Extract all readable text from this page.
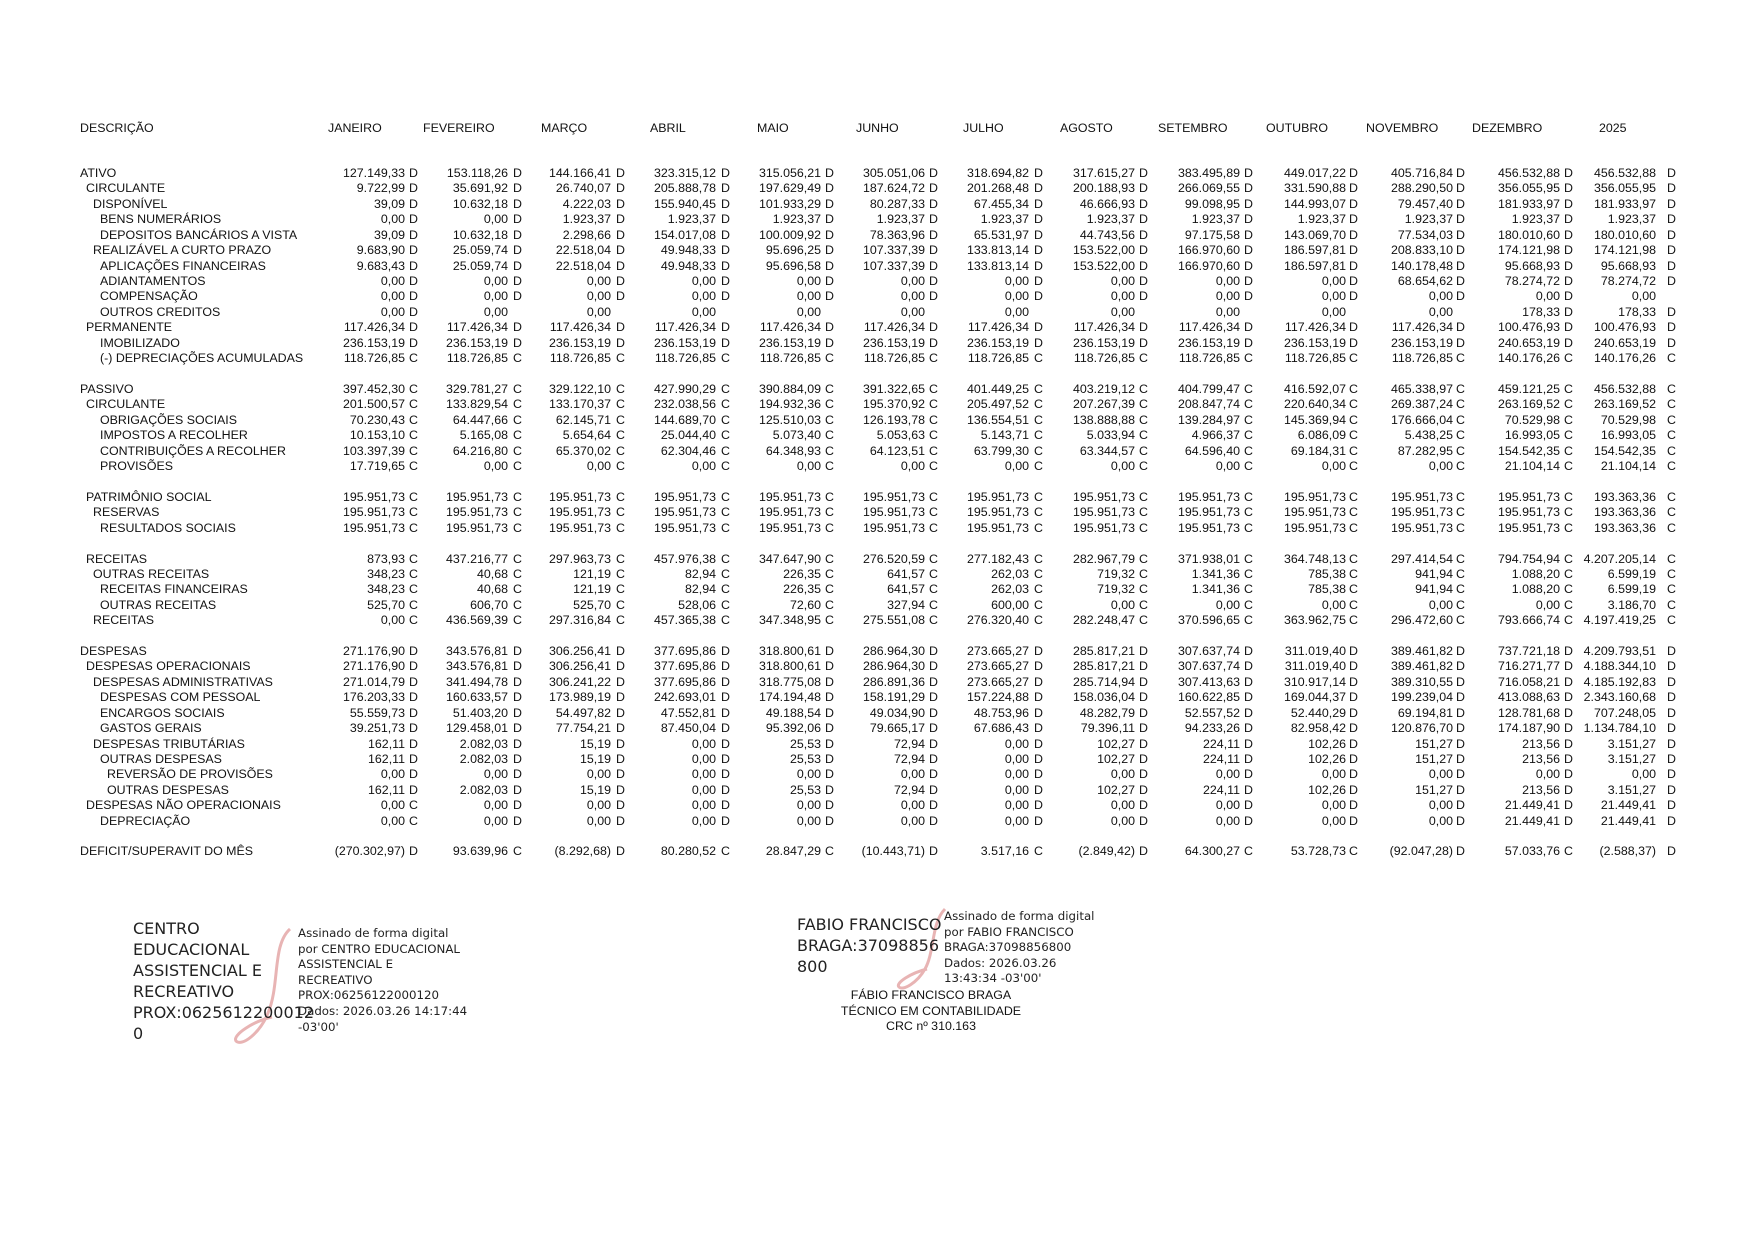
DESCRIÇÃO	JANEIRO	FEVEREIRO	MARÇO	ABRIL	MAIO	JUNHO	JULHO	AGOSTO	SETEMBRO	OUTUBRO	NOVEMBRO	DEZEMBRO	2025
ATIVO	127.149,33 D	153.118,26 D	144.166,41 D	323.315,12 D	315.056,21 D	305.051,06 D	318.694,82 D	317.615,27 D	383.495,89 D	449.017,22 D	405.716,84 D	456.532,88 D	456.532,88 D
CIRCULANTE	9.722,99 D	35.691,92 D	26.740,07 D	205.888,78 D	197.629,49 D	187.624,72 D	201.268,48 D	200.188,93 D	266.069,55 D	331.590,88 D	288.290,50 D	356.055,95 D	356.055,95 D
DISPONÍVEL	39,09 D	10.632,18 D	4.222,03 D	155.940,45 D	101.933,29 D	80.287,33 D	67.455,34 D	46.666,93 D	99.098,95 D	144.993,07 D	79.457,40 D	181.933,97 D	181.933,97 D
BENS NUMERÁRIOS	0,00 D	0,00 D	1.923,37 D	1.923,37 D	1.923,37 D	1.923,37 D	1.923,37 D	1.923,37 D	1.923,37 D	1.923,37 D	1.923,37 D	1.923,37 D	1.923,37 D
DEPOSITOS BANCÁRIOS A VISTA	39,09 D	10.632,18 D	2.298,66 D	154.017,08 D	100.009,92 D	78.363,96 D	65.531,97 D	44.743,56 D	97.175,58 D	143.069,70 D	77.534,03 D	180.010,60 D	180.010,60 D
REALIZÁVEL A CURTO PRAZO	9.683,90 D	25.059,74 D	22.518,04 D	49.948,33 D	95.696,25 D	107.337,39 D	133.813,14 D	153.522,00 D	166.970,60 D	186.597,81 D	208.833,10 D	174.121,98 D	174.121,98 D
APLICAÇÕES FINANCEIRAS	9.683,43 D	25.059,74 D	22.518,04 D	49.948,33 D	95.696,58 D	107.337,39 D	133.813,14 D	153.522,00 D	166.970,60 D	186.597,81 D	140.178,48 D	95.668,93 D	95.668,93 D
ADIANTAMENTOS	0,00 D	0,00 D	0,00 D	0,00 D	0,00 D	0,00 D	0,00 D	0,00 D	0,00 D	0,00 D	68.654,62 D	78.274,72 D	78.274,72 D
COMPENSAÇÃO	0,00 D	0,00 D	0,00 D	0,00 D	0,00 D	0,00 D	0,00 D	0,00 D	0,00 D	0,00 D	0,00 D	0,00 D	0,00
OUTROS CREDITOS	0,00 D	0,00	0,00	0,00	0,00	0,00	0,00	0,00	0,00	0,00	0,00	178,33 D	178,33 D
PERMANENTE	117.426,34 D	117.426,34 D	117.426,34 D	117.426,34 D	117.426,34 D	117.426,34 D	117.426,34 D	117.426,34 D	117.426,34 D	117.426,34 D	117.426,34 D	100.476,93 D	100.476,93 D
IMOBILIZADO	236.153,19 D	236.153,19 D	236.153,19 D	236.153,19 D	236.153,19 D	236.153,19 D	236.153,19 D	236.153,19 D	236.153,19 D	236.153,19 D	236.153,19 D	240.653,19 D	240.653,19 D
(-) DEPRECIAÇÕES ACUMULADAS	118.726,85 C	118.726,85 C	118.726,85 C	118.726,85 C	118.726,85 C	118.726,85 C	118.726,85 C	118.726,85 C	118.726,85 C	118.726,85 C	118.726,85 C	140.176,26 C	140.176,26 C
PASSIVO	397.452,30 C	329.781,27 C	329.122,10 C	427.990,29 C	390.884,09 C	391.322,65 C	401.449,25 C	403.219,12 C	404.799,47 C	416.592,07 C	465.338,97 C	459.121,25 C	456.532,88 C
CIRCULANTE	201.500,57 C	133.829,54 C	133.170,37 C	232.038,56 C	194.932,36 C	195.370,92 C	205.497,52 C	207.267,39 C	208.847,74 C	220.640,34 C	269.387,24 C	263.169,52 C	263.169,52 C
OBRIGAÇÕES SOCIAIS	70.230,43 C	64.447,66 C	62.145,71 C	144.689,70 C	125.510,03 C	126.193,78 C	136.554,51 C	138.888,88 C	139.284,97 C	145.369,94 C	176.666,04 C	70.529,98 C	70.529,98 C
IMPOSTOS A RECOLHER	10.153,10 C	5.165,08 C	5.654,64 C	25.044,40 C	5.073,40 C	5.053,63 C	5.143,71 C	5.033,94 C	4.966,37 C	6.086,09 C	5.438,25 C	16.993,05 C	16.993,05 C
CONTRIBUIÇÕES A RECOLHER	103.397,39 C	64.216,80 C	65.370,02 C	62.304,46 C	64.348,93 C	64.123,51 C	63.799,30 C	63.344,57 C	64.596,40 C	69.184,31 C	87.282,95 C	154.542,35 C	154.542,35 C
PROVISÕES	17.719,65 C	0,00 C	0,00 C	0,00 C	0,00 C	0,00 C	0,00 C	0,00 C	0,00 C	0,00 C	0,00 C	21.104,14 C	21.104,14 C
PATRIMÔNIO SOCIAL	195.951,73 C	195.951,73 C	195.951,73 C	195.951,73 C	195.951,73 C	195.951,73 C	195.951,73 C	195.951,73 C	195.951,73 C	195.951,73 C	195.951,73 C	195.951,73 C	193.363,36 C
RESERVAS	195.951,73 C	195.951,73 C	195.951,73 C	195.951,73 C	195.951,73 C	195.951,73 C	195.951,73 C	195.951,73 C	195.951,73 C	195.951,73 C	195.951,73 C	195.951,73 C	193.363,36 C
RESULTADOS SOCIAIS	195.951,73 C	195.951,73 C	195.951,73 C	195.951,73 C	195.951,73 C	195.951,73 C	195.951,73 C	195.951,73 C	195.951,73 C	195.951,73 C	195.951,73 C	195.951,73 C	193.363,36 C
RECEITAS	873,93 C	437.216,77 C	297.963,73 C	457.976,38 C	347.647,90 C	276.520,59 C	277.182,43 C	282.967,79 C	371.938,01 C	364.748,13 C	297.414,54 C	794.754,94 C 4.207.205,14 C
OUTRAS RECEITAS	348,23 C	40,68 C	121,19 C	82,94 C	226,35 C	641,57 C	262,03 C	719,32 C	1.341,36 C	785,38 C	941,94 C	1.088,20 C	6.599,19 C
RECEITAS FINANCEIRAS	348,23 C	40,68 C	121,19 C	82,94 C	226,35 C	641,57 C	262,03 C	719,32 C	1.341,36 C	785,38 C	941,94 C	1.088,20 C	6.599,19 C
OUTRAS RECEITAS	525,70 C	606,70 C	525,70 C	528,06 C	72,60 C	327,94 C	600,00 C	0,00 C	0,00 C	0,00 C	0,00 C	0,00 C	3.186,70 C
RECEITAS	0,00 C	436.569,39 C	297.316,84 C	457.365,38 C	347.348,95 C	275.551,08 C	276.320,40 C	282.248,47 C	370.596,65 C	363.962,75 C	296.472,60 C	793.666,74 C 4.197.419,25 C
DESPESAS	271.176,90 D	343.576,81 D	306.256,41 D	377.695,86 D	318.800,61 D	286.964,30 D	273.665,27 D	285.817,21 D	307.637,74 D	311.019,40 D	389.461,82 D	737.721,18 D 4.209.793,51 D
DESPESAS OPERACIONAIS	271.176,90 D	343.576,81 D	306.256,41 D	377.695,86 D	318.800,61 D	286.964,30 D	273.665,27 D	285.817,21 D	307.637,74 D	311.019,40 D	389.461,82 D	716.271,77 D 4.188.344,10 D
DESPESAS ADMINISTRATIVAS	271.014,79 D	341.494,78 D	306.241,22 D	377.695,86 D	318.775,08 D	286.891,36 D	273.665,27 D	285.714,94 D	307.413,63 D	310.917,14 D	389.310,55 D	716.058,21 D 4.185.192,83 D
DESPESAS COM PESSOAL	176.203,33 D	160.633,57 D	173.989,19 D	242.693,01 D	174.194,48 D	158.191,29 D	157.224,88 D	158.036,04 D	160.622,85 D	169.044,37 D	199.239,04 D	413.088,63 D 2.343.160,68 D
ENCARGOS SOCIAIS	55.559,73 D	51.403,20 D	54.497,82 D	47.552,81 D	49.188,54 D	49.034,90 D	48.753,96 D	48.282,79 D	52.557,52 D	52.440,29 D	69.194,81 D	128.781,68 D	707.248,05 D
GASTOS GERAIS	39.251,73 D	129.458,01 D	77.754,21 D	87.450,04 D	95.392,06 D	79.665,17 D	67.686,43 D	79.396,11 D	94.233,26 D	82.958,42 D	120.876,70 D	174.187,90 D 1.134.784,10 D
DESPESAS TRIBUTÁRIAS	162,11 D	2.082,03 D	15,19 D	0,00 D	25,53 D	72,94 D	0,00 D	102,27 D	224,11 D	102,26 D	151,27 D	213,56 D	3.151,27 D
OUTRAS DESPESAS	162,11 D	2.082,03 D	15,19 D	0,00 D	25,53 D	72,94 D	0,00 D	102,27 D	224,11 D	102,26 D	151,27 D	213,56 D	3.151,27 D
REVERSÃO DE PROVISÕES	0,00 D	0,00 D	0,00 D	0,00 D	0,00 D	0,00 D	0,00 D	0,00 D	0,00 D	0,00 D	0,00 D	0,00 D	0,00 D
OUTRAS DESPESAS	162,11 D	2.082,03 D	15,19 D	0,00 D	25,53 D	72,94 D	0,00 D	102,27 D	224,11 D	102,26 D	151,27 D	213,56 D	3.151,27 D
DESPESAS NÃO OPERACIONAIS	0,00 C	0,00 D	0,00 D	0,00 D	0,00 D	0,00 D	0,00 D	0,00 D	0,00 D	0,00 D	0,00 D	21.449,41 D	21.449,41 D
DEPRECIAÇÃO	0,00 C	0,00 D	0,00 D	0,00 D	0,00 D	0,00 D	0,00 D	0,00 D	0,00 D	0,00 D	0,00 D	21.449,41 D	21.449,41 D
DEFICIT/SUPERAVIT DO MÊS	(270.302,97) D	93.639,96 C	(8.292,68) D	80.280,52 C	28.847,29 C	(10.443,71) D	3.517,16 C	(2.849,42) D	64.300,27 C	53.728,73 C	(92.047,28) D	57.033,76 C	(2.588,37) D
CENTRO
EDUCACIONAL
ASSISTENCIAL E
RECREATIVO
PROX:0625612200012
0
Assinado de forma digital
por CENTRO EDUCACIONAL
ASSISTENCIAL E
RECREATIVO
PROX:06256122000120
Dados: 2026.03.26 14:17:44
-03'00'
FABIO FRANCISCO
BRAGA:37098856
800
Assinado de forma digital
por FABIO FRANCISCO
BRAGA:37098856800
Dados: 2026.03.26
13:43:34 -03'00'
FÁBIO FRANCISCO BRAGA
TÉCNICO EM CONTABILIDADE
CRC nº 310.163
